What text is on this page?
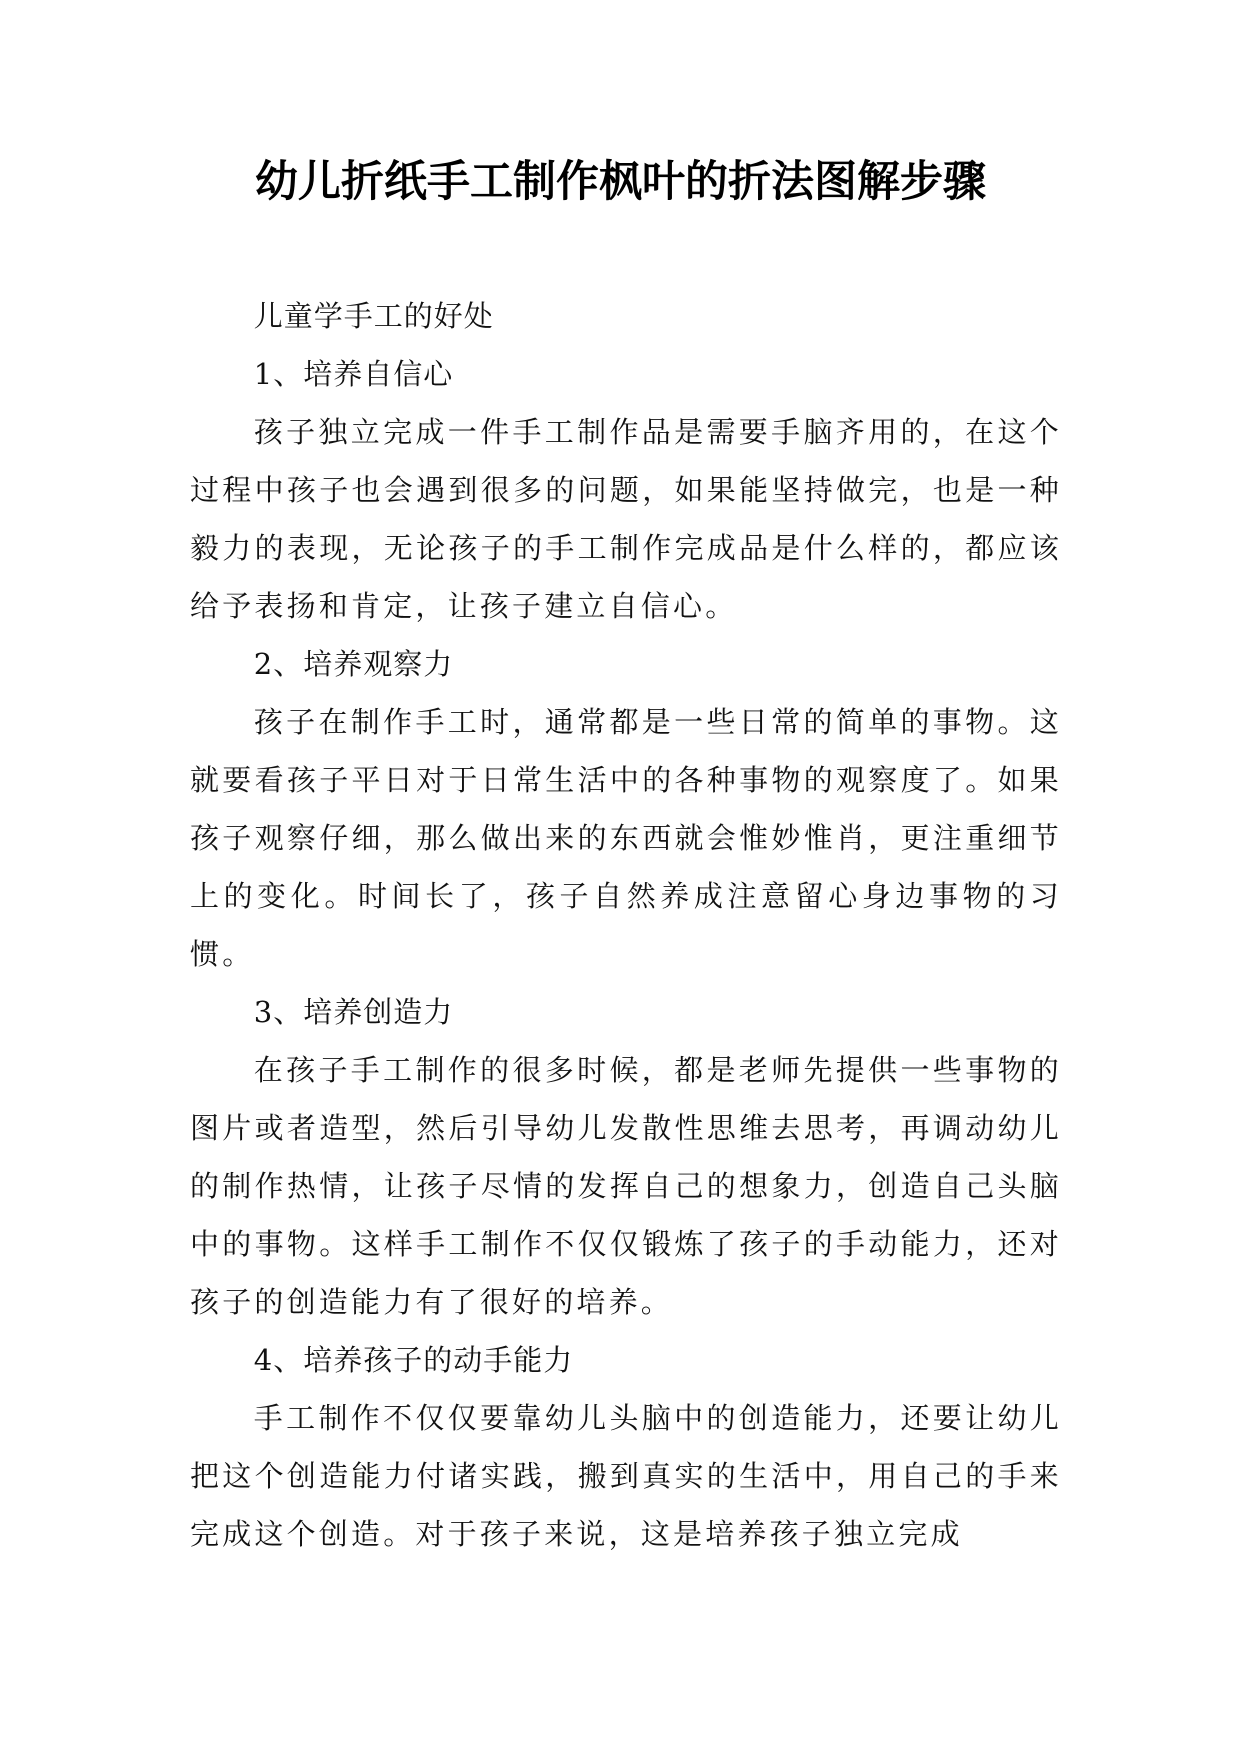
幼儿折纸手工制作枫叶的折法图解步骤

儿童学手工的好处

1、培养自信心

孩子独立完成一件手工制作品是需要手脑齐用的，在这个过程中孩子也会遇到很多的问题，如果能坚持做完，也是一种毅力的表现，无论孩子的手工制作完成品是什么样的，都应该给予表扬和肯定，让孩子建立自信心。

2、培养观察力

孩子在制作手工时，通常都是一些日常的简单的事物。这就要看孩子平日对于日常生活中的各种事物的观察度了。如果孩子观察仔细，那么做出来的东西就会惟妙惟肖，更注重细节上的变化。时间长了，孩子自然养成注意留心身边事物的习惯。

3、培养创造力

在孩子手工制作的很多时候，都是老师先提供一些事物的图片或者造型，然后引导幼儿发散性思维去思考，再调动幼儿的制作热情，让孩子尽情的发挥自己的想象力，创造自己头脑中的事物。这样手工制作不仅仅锻炼了孩子的手动能力，还对孩子的创造能力有了很好的培养。

4、培养孩子的动手能力

手工制作不仅仅要靠幼儿头脑中的创造能力，还要让幼儿把这个创造能力付诸实践，搬到真实的生活中，用自己的手来完成这个创造。对于孩子来说，这是培养孩子独立完成
